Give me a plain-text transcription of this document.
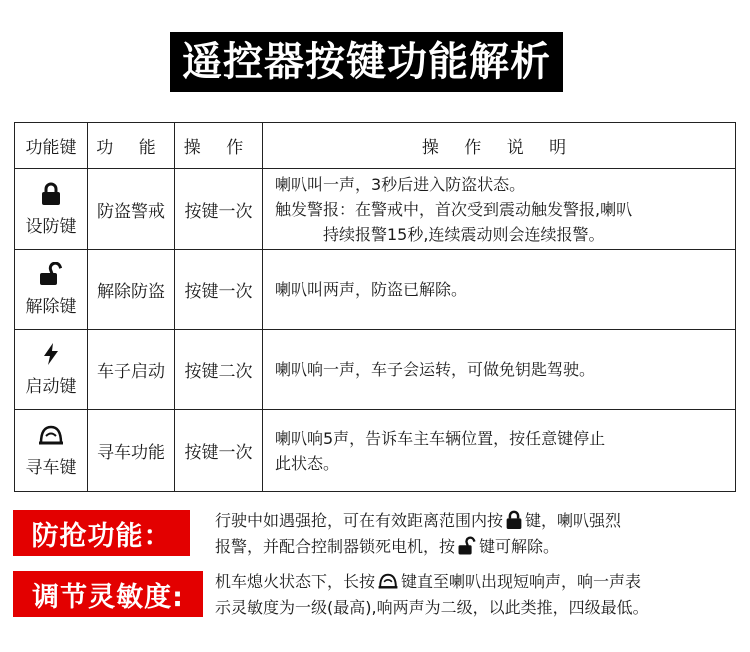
遥控器按键功能解析
功能键	功 能	操 作	操 作 说 明

设防键	防盗警戒	按键一次	喇叭叫一声，3秒后进入防盗状态。
触发警报：在警戒中，首次受到震动触发警报,喇叭
　　　持续报警15秒,连续震动则会连续报警。

解除键	解除防盗	按键一次	喇叭叫两声，防盗已解除。

启动键	车子启动	按键二次	喇叭响一声，车子会运转，可做免钥匙驾驶。

寻车键	寻车功能	按键一次	喇叭响5声，告诉车主车辆位置，按任意键停止
此状态。
防抢功能：	行驶中如遇强抢，可在有效距离范围内按 键，喇叭强烈
报警，并配合控制器锁死电机，按 键可解除。
调节灵敏度:	机车熄火状态下，长按 键直至喇叭出现短响声，响一声表
示灵敏度为一级(最高),响两声为二级，以此类推，四级最低。
